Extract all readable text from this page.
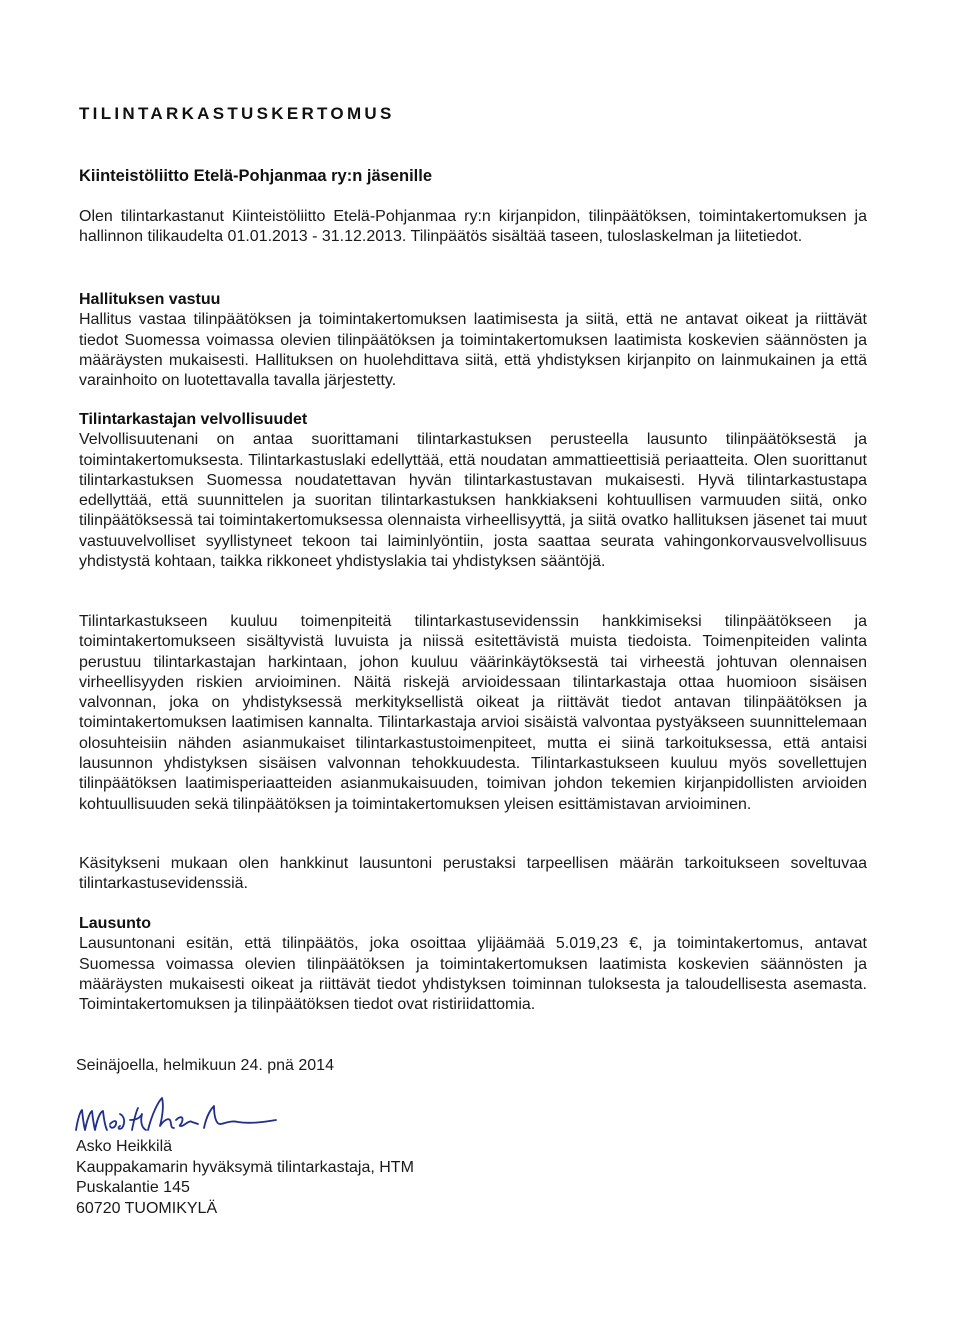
TILINTARKASTUSKERTOMUS
Kiinteistöliitto Etelä-Pohjanmaa ry:n jäsenille
Olen tilintarkastanut Kiinteistöliitto Etelä-Pohjanmaa ry:n kirjanpidon, tilinpäätöksen, toimintakertomuksen ja hallinnon tilikaudelta 01.01.2013 - 31.12.2013. Tilinpäätös sisältää taseen, tuloslaskelman ja liitetiedot.
Hallituksen vastuu
Hallitus vastaa tilinpäätöksen ja toimintakertomuksen laatimisesta ja siitä, että ne antavat oikeat ja riittävät tiedot Suomessa voimassa olevien tilinpäätöksen ja toimintakertomuksen laatimista koskevien säännösten ja määräysten mukaisesti. Hallituksen on huolehdittava siitä, että yhdistyksen kirjanpito on lainmukainen ja että varainhoito on luotettavalla tavalla järjestetty.
Tilintarkastajan velvollisuudet
Velvollisuutenani on antaa suorittamani tilintarkastuksen perusteella lausunto tilinpäätöksestä ja toimintakertomuksesta. Tilintarkastuslaki edellyttää, että noudatan ammattieettisiä periaatteita. Olen suorittanut tilintarkastuksen Suomessa noudatettavan hyvän tilintarkastustavan mukaisesti. Hyvä tilintarkastustapa edellyttää, että suunnittelen ja suoritan tilintarkastuksen hankkiakseni kohtuullisen varmuuden siitä, onko tilinpäätöksessä tai toimintakertomuksessa olennaista virheellisyyttä, ja siitä ovatko hallituksen jäsenet tai muut vastuuvelvolliset syyllistyneet tekoon tai laiminlyöntiin, josta saattaa seurata vahingonkorvausvelvollisuus yhdistystä kohtaan, taikka rikkoneet yhdistyslakia tai yhdistyksen sääntöjä.
Tilintarkastukseen kuuluu toimenpiteitä tilintarkastusevidenssin hankkimiseksi tilinpäätökseen ja toimintakertomukseen sisältyvistä luvuista ja niissä esitettävistä muista tiedoista. Toimenpiteiden valinta perustuu tilintarkastajan harkintaan, johon kuuluu väärinkäytöksestä tai virheestä johtuvan olennaisen virheellisyyden riskien arvioiminen. Näitä riskejä arvioidessaan tilintarkastaja ottaa huomioon sisäisen valvonnan, joka on yhdistyksessä merkityksellistä oikeat ja riittävät tiedot antavan tilinpäätöksen ja toimintakertomuksen laatimisen kannalta. Tilintarkastaja arvioi sisäistä valvontaa pystyäkseen suunnittelemaan olosuhteisiin nähden asianmukaiset tilintarkastustoimenpiteet, mutta ei siinä tarkoituksessa, että antaisi lausunnon yhdistyksen sisäisen valvonnan tehokkuudesta. Tilintarkastukseen kuuluu myös sovellettujen tilinpäätöksen laatimisperiaatteiden asianmukaisuuden, toimivan johdon tekemien kirjanpidollisten arvioiden kohtuullisuuden sekä tilinpäätöksen ja toimintakertomuksen yleisen esittämistavan arvioiminen.
Käsitykseni mukaan olen hankkinut lausuntoni perustaksi tarpeellisen määrän tarkoitukseen soveltuvaa tilintarkastusevidenssiä.
Lausunto
Lausuntonani esitän, että tilinpäätös, joka osoittaa ylijäämää 5.019,23 €, ja toimintakertomus, antavat Suomessa voimassa olevien tilinpäätöksen ja toimintakertomuksen laatimista koskevien säännösten ja määräysten mukaisesti oikeat ja riittävät tiedot yhdistyksen toiminnan tuloksesta ja taloudellisesta asemasta. Toimintakertomuksen ja tilinpäätöksen tiedot ovat ristiriidattomia.
Seinäjoella, helmikuun 24. pnä 2014
Asko Heikkilä
Kauppakamarin hyväksymä tilintarkastaja, HTM
Puskalantie 145
60720 TUOMIKYLÄ
